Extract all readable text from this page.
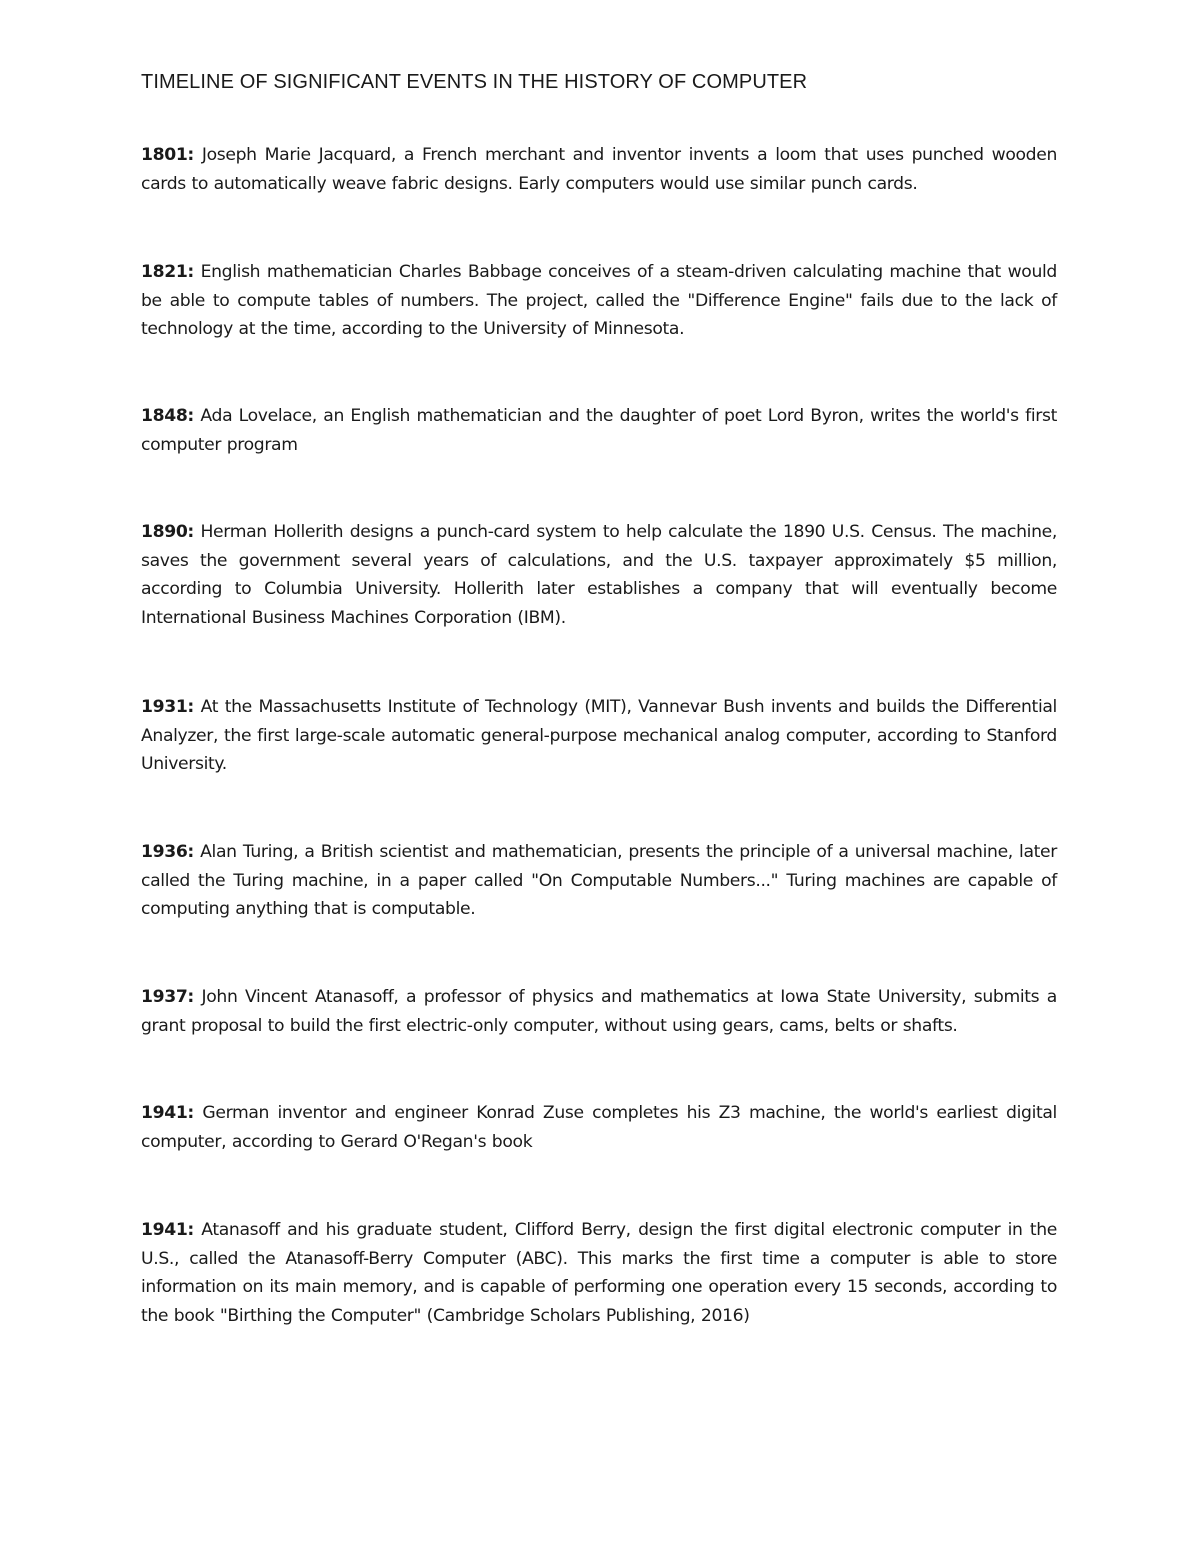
TIMELINE OF SIGNIFICANT EVENTS IN THE HISTORY OF COMPUTER

1801: Joseph Marie Jacquard, a French merchant and inventor invents a loom that uses punched wooden cards to automatically weave fabric designs. Early computers would use similar punch cards.

1821: English mathematician Charles Babbage conceives of a steam-driven calculating machine that would be able to compute tables of numbers. The project, called the "Difference Engine" fails due to the lack of technology at the time, according to the University of Minnesota.

1848: Ada Lovelace, an English mathematician and the daughter of poet Lord Byron, writes the world's first computer program

1890: Herman Hollerith designs a punch-card system to help calculate the 1890 U.S. Census. The machine, saves the government several years of calculations, and the U.S. taxpayer approximately $5 million, according to Columbia University. Hollerith later establishes a company that will eventually become International Business Machines Corporation (IBM).

1931: At the Massachusetts Institute of Technology (MIT), Vannevar Bush invents and builds the Differential Analyzer, the first large-scale automatic general-purpose mechanical analog computer, according to Stanford University.

1936: Alan Turing, a British scientist and mathematician, presents the principle of a universal machine, later called the Turing machine, in a paper called "On Computable Numbers..." Turing machines are capable of computing anything that is computable.

1937: John Vincent Atanasoff, a professor of physics and mathematics at Iowa State University, submits a grant proposal to build the first electric-only computer, without using gears, cams, belts or shafts.

1941: German inventor and engineer Konrad Zuse completes his Z3 machine, the world's earliest digital computer, according to Gerard O'Regan's book

1941: Atanasoff and his graduate student, Clifford Berry, design the first digital electronic computer in the U.S., called the Atanasoff-Berry Computer (ABC). This marks the first time a computer is able to store information on its main memory, and is capable of performing one operation every 15 seconds, according to the book "Birthing the Computer" (Cambridge Scholars Publishing, 2016)
